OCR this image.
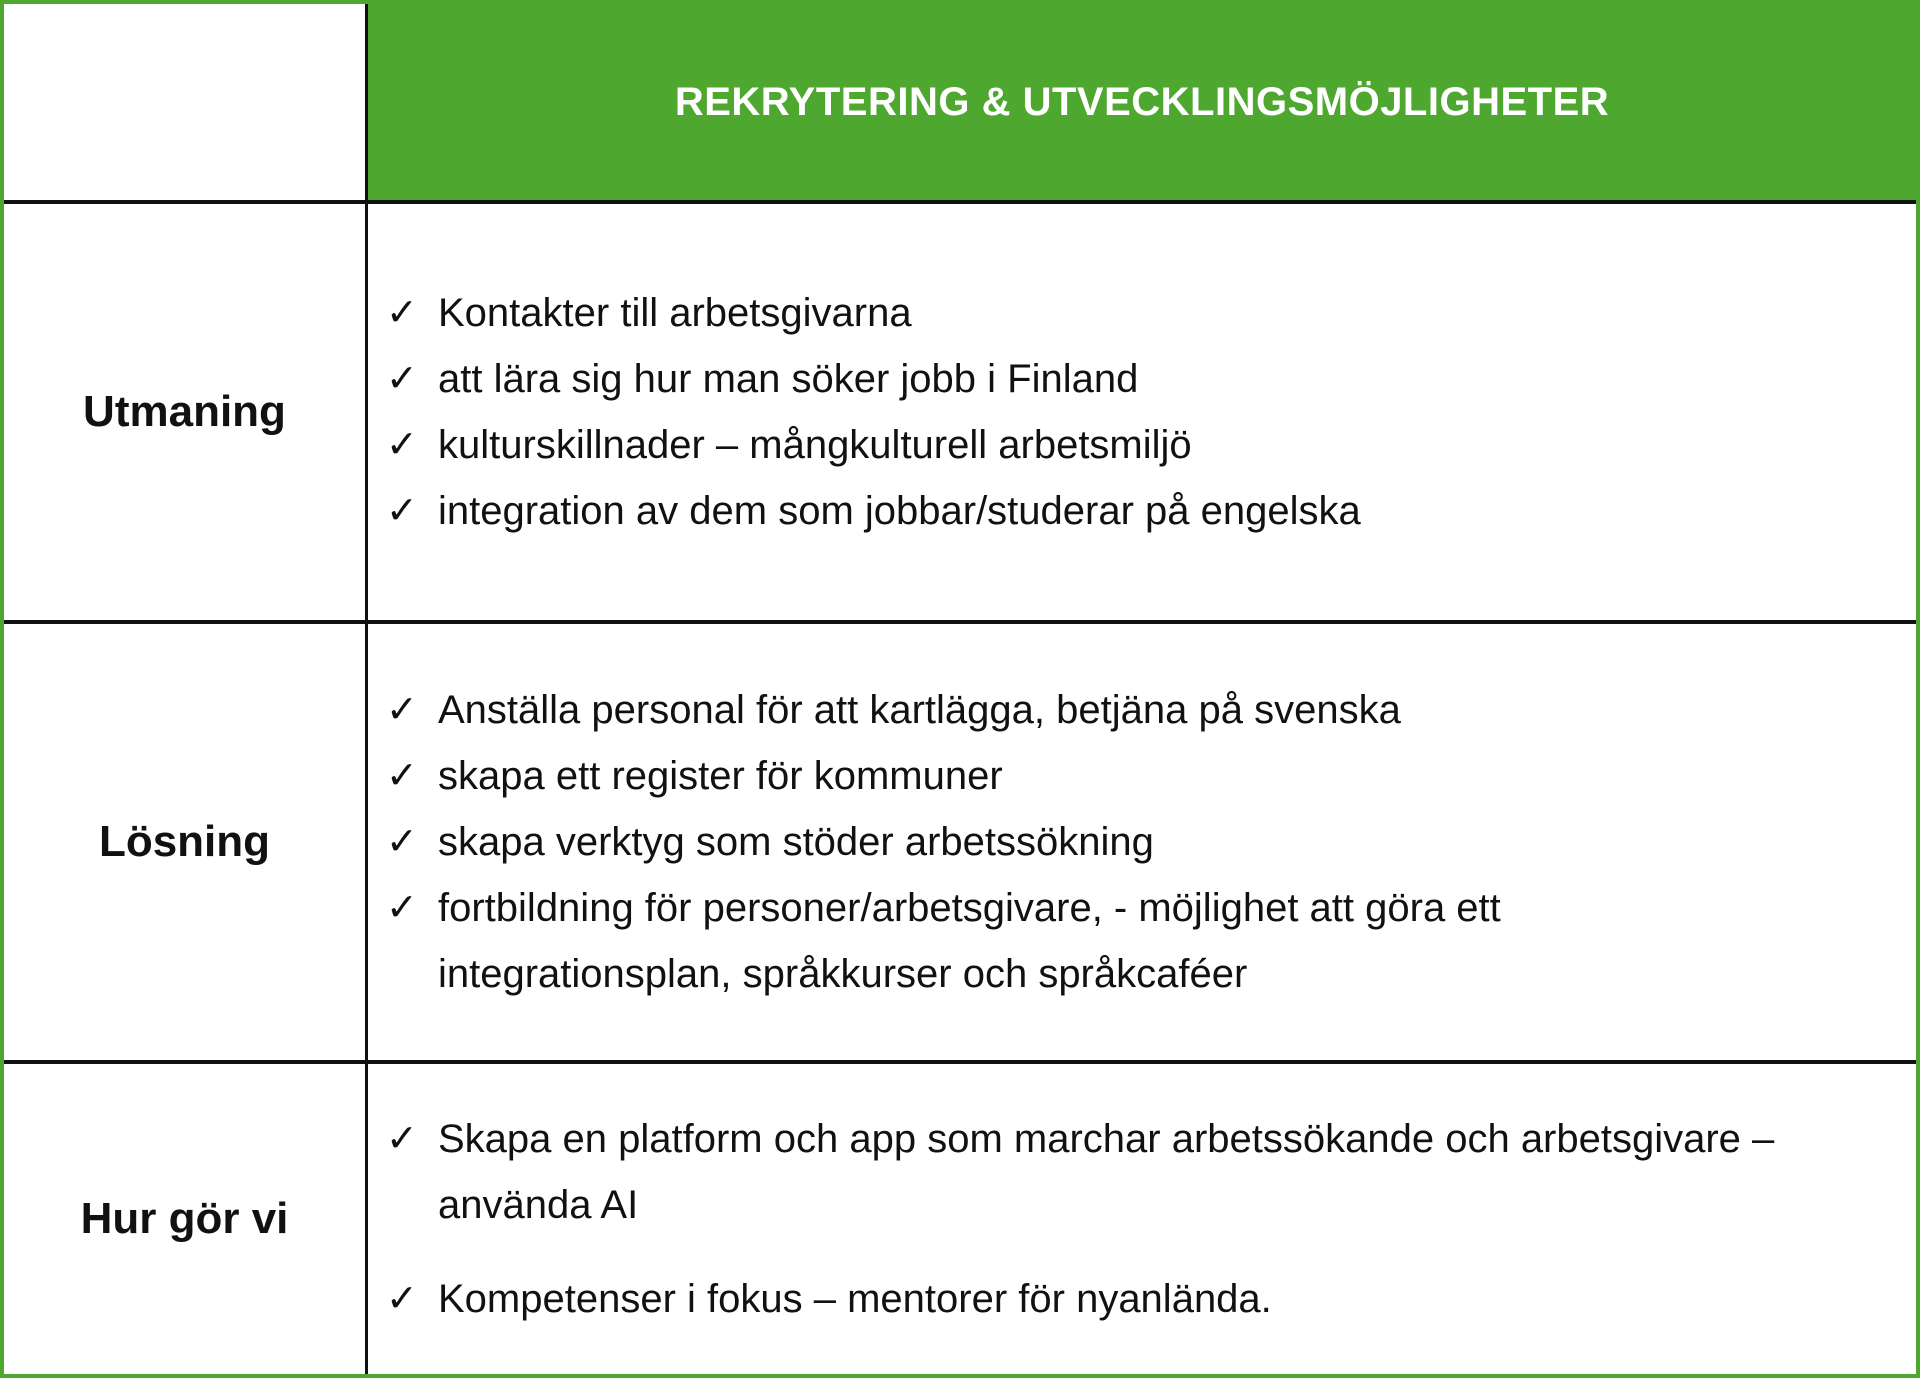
REKRYTERING & UTVECKLINGSMÖJLIGHETER
Utmaning
✓ Kontakter till arbetsgivarna
✓ att lära sig hur man söker jobb i Finland
✓ kulturskillnader – mångkulturell arbetsmiljö
✓ integration av dem som jobbar/studerar på engelska
Lösning
✓ Anställa personal för att kartlägga, betjäna på svenska
✓ skapa ett register för kommuner
✓ skapa verktyg som stöder arbetssökning
✓ fortbildning för personer/arbetsgivare, - möjlighet att göra ett integrationsplan, språkkurser och språkcaféer
Hur gör vi
✓ Skapa en platform och app som marchar arbetssökande och arbetsgivare – använda AI
✓ Kompetenser i fokus – mentorer för nyanlända.
